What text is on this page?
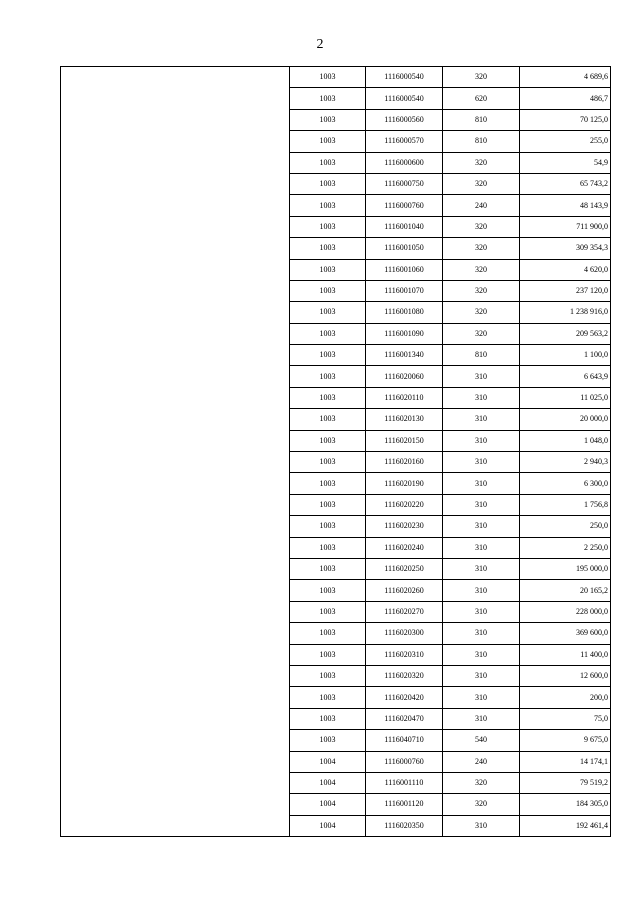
2
	1003	1116000540	320	4 689,6
	1003	1116000540	620	486,7
	1003	1116000560	810	70 125,0
	1003	1116000570	810	255,0
	1003	1116000600	320	54,9
	1003	1116000750	320	65 743,2
	1003	1116000760	240	48 143,9
	1003	1116001040	320	711 900,0
	1003	1116001050	320	309 354,3
	1003	1116001060	320	4 620,0
	1003	1116001070	320	237 120,0
	1003	1116001080	320	1 238 916,0
	1003	1116001090	320	209 563,2
	1003	1116001340	810	1 100,0
	1003	1116020060	310	6 643,9
	1003	1116020110	310	11 025,0
	1003	1116020130	310	20 000,0
	1003	1116020150	310	1 048,0
	1003	1116020160	310	2 940,3
	1003	1116020190	310	6 300,0
	1003	1116020220	310	1 756,8
	1003	1116020230	310	250,0
	1003	1116020240	310	2 250,0
	1003	1116020250	310	195 000,0
	1003	1116020260	310	20 165,2
	1003	1116020270	310	228 000,0
	1003	1116020300	310	369 600,0
	1003	1116020310	310	11 400,0
	1003	1116020320	310	12 600,0
	1003	1116020420	310	200,0
	1003	1116020470	310	75,0
	1003	1116040710	540	9 675,0
	1004	1116000760	240	14 174,1
	1004	1116001110	320	79 519,2
	1004	1116001120	320	184 305,0
	1004	1116020350	310	192 461,4
